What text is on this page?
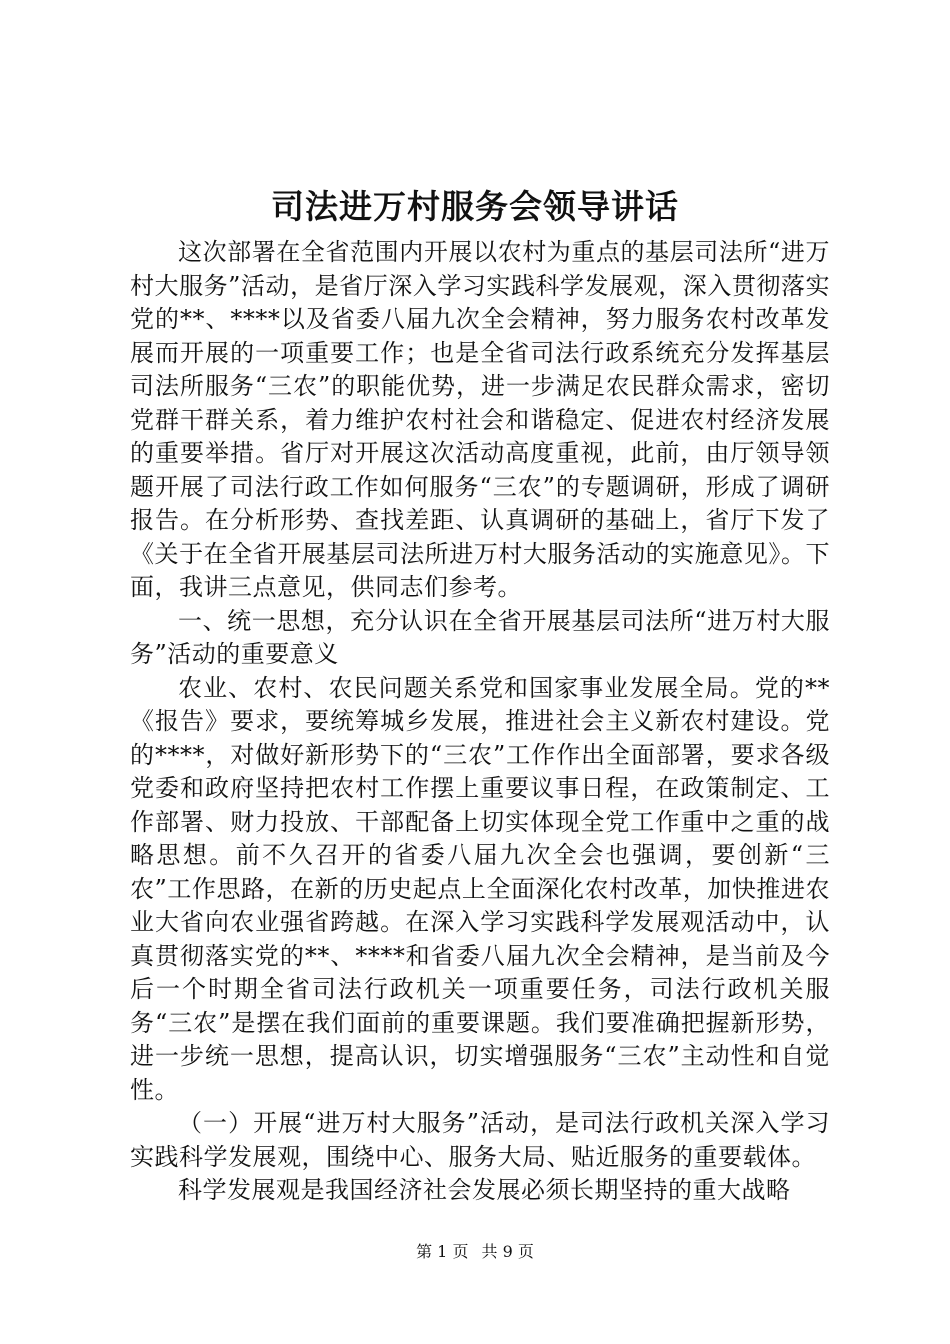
司法进万村服务会领导讲话

这次部署在全省范围内开展以农村为重点的基层司法所“进万村大服务”活动，是省厅深入学习实践科学发展观，深入贯彻落实党的**、****以及省委八届九次全会精神，努力服务农村改革发展而开展的一项重要工作；也是全省司法行政系统充分发挥基层司法所服务“三农”的职能优势，进一步满足农民群众需求，密切党群干群关系，着力维护农村社会和谐稳定、促进农村经济发展的重要举措。省厅对开展这次活动高度重视，此前，由厅领导领题开展了司法行政工作如何服务“三农”的专题调研，形成了调研报告。在分析形势、查找差距、认真调研的基础上，省厅下发了《关于在全省开展基层司法所进万村大服务活动的实施意见》。下面，我讲三点意见，供同志们参考。

一、统一思想，充分认识在全省开展基层司法所“进万村大服务”活动的重要意义

农业、农村、农民问题关系党和国家事业发展全局。党的**《报告》要求，要统筹城乡发展，推进社会主义新农村建设。党的****，对做好新形势下的“三农”工作作出全面部署，要求各级党委和政府坚持把农村工作摆上重要议事日程，在政策制定、工作部署、财力投放、干部配备上切实体现全党工作重中之重的战略思想。前不久召开的省委八届九次全会也强调，要创新“三农”工作思路，在新的历史起点上全面深化农村改革，加快推进农业大省向农业强省跨越。在深入学习实践科学发展观活动中，认真贯彻落实党的**、****和省委八届九次全会精神，是当前及今后一个时期全省司法行政机关一项重要任务，司法行政机关服务“三农”是摆在我们面前的重要课题。我们要准确把握新形势，进一步统一思想，提高认识，切实增强服务“三农”主动性和自觉性。

（一）开展“进万村大服务”活动，是司法行政机关深入学习实践科学发展观，围绕中心、服务大局、贴近服务的重要载体。

科学发展观是我国经济社会发展必须长期坚持的重大战略

第 1 页 共 9 页
